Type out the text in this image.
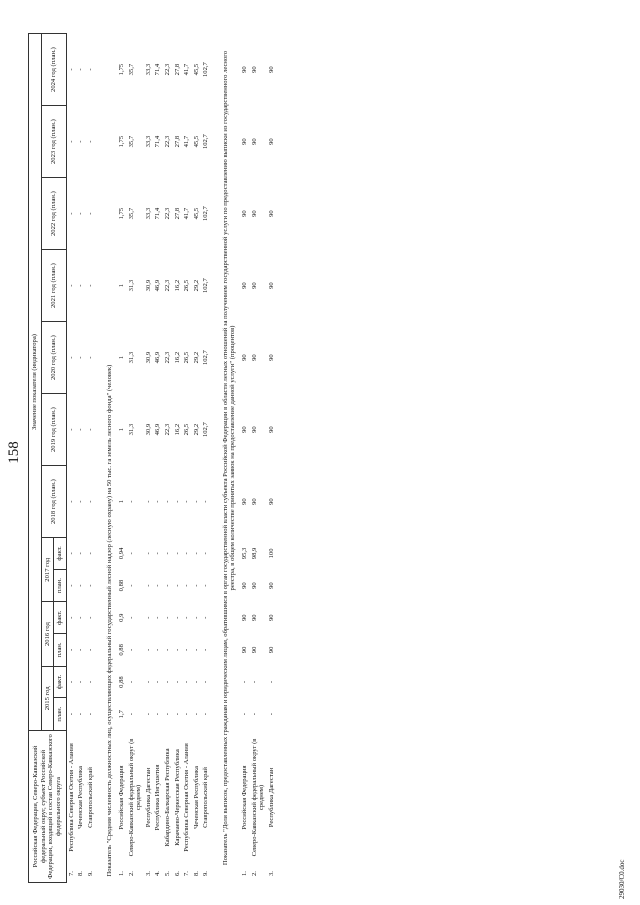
158
Российская Федерация, Северо-Кавказский федеральный округ, субъект Российской Федерации, входящий в состав Северо-Кавказского федерального округа		Значение показателя (индикатора)												
		2015 год		2016 год		2017 год		2018 год (план.)	2019 год (план.)	2020 год (план.)	2021 год (план.)	2022 год (план.)	2023 год (план.)	2024 год (план.)
		план.	факт.	план.	факт.	план.	факт.							
7.	Республика Северная Осетия - Алания	-	-	-	-	-	-	-	-	-	-	-	-	-
8.	Чеченская Республика	-	-	-	-	-	-	-	-	-	-	-	-	-
9.	Ставропольский край	-	-	-	-	-	-	-	-	-	-	-	-	-

Показатель "Средняя численность должностных лиц, осуществляющих федеральный государственный лесной надзор (лесную охрану) на 50 тыс. га земель лесного фонда" (человек)														
1.	Российская Федерация	1,7	0,88	0,88	0,9	0,88	0,94	1	1	1	1	1,75	1,75	1,75
2.	Северо-Кавказский федеральный округ (в среднем)	-	-	-	-	-	-	-	31,3	31,3	31,3	35,7	35,7	35,7
3.	Республика Дагестан	-	-	-	-	-	-	-	30,9	30,9	30,9	33,3	33,3	33,3
4.	Республика Ингушетия	-	-	-	-	-	-	-	46,9	46,9	46,9	71,4	71,4	71,4
5.	Кабардино-Балкарская Республика	-	-	-	-	-	-	-	22,3	22,3	22,3	22,3	22,3	22,3
6.	Карачаево-Черкесская Республика	-	-	-	-	-	-	-	16,2	16,2	16,2	27,8	27,8	27,8
7.	Республика Северная Осетия - Алания	-	-	-	-	-	-	-	26,5	26,5	26,5	41,7	41,7	41,7
8.	Чеченская Республика	-	-	-	-	-	-	-	29,2	29,2	29,2	45,5	45,5	45,5
9.	Ставропольский край	-	-	-	-	-	-	-	102,7	102,7	102,7	102,7	102,7	102,7

Показатель "Доля выписок, предоставленных гражданам и юридическим лицам, обратившимся в орган государственной власти субъекта Российской Федерации в области лесных отношений за получением государственной услуги по предоставлению выписки из государственного лесного реестра, в общем количестве принятых заявок на предоставление данной услуги" (процентов)														
1.	Российская Федерация	-	-	90	90	90	95,3	90	90	90	90	90	90	90
2.	Северо-Кавказский федеральный округ (в среднем)	-	-	90	90	90	98,9	90	90	90	90	90	90	90
3.	Республика Дагестан	-	-	90	90	90	100	90	90	90	90	90	90	90

29030/C0.doc
